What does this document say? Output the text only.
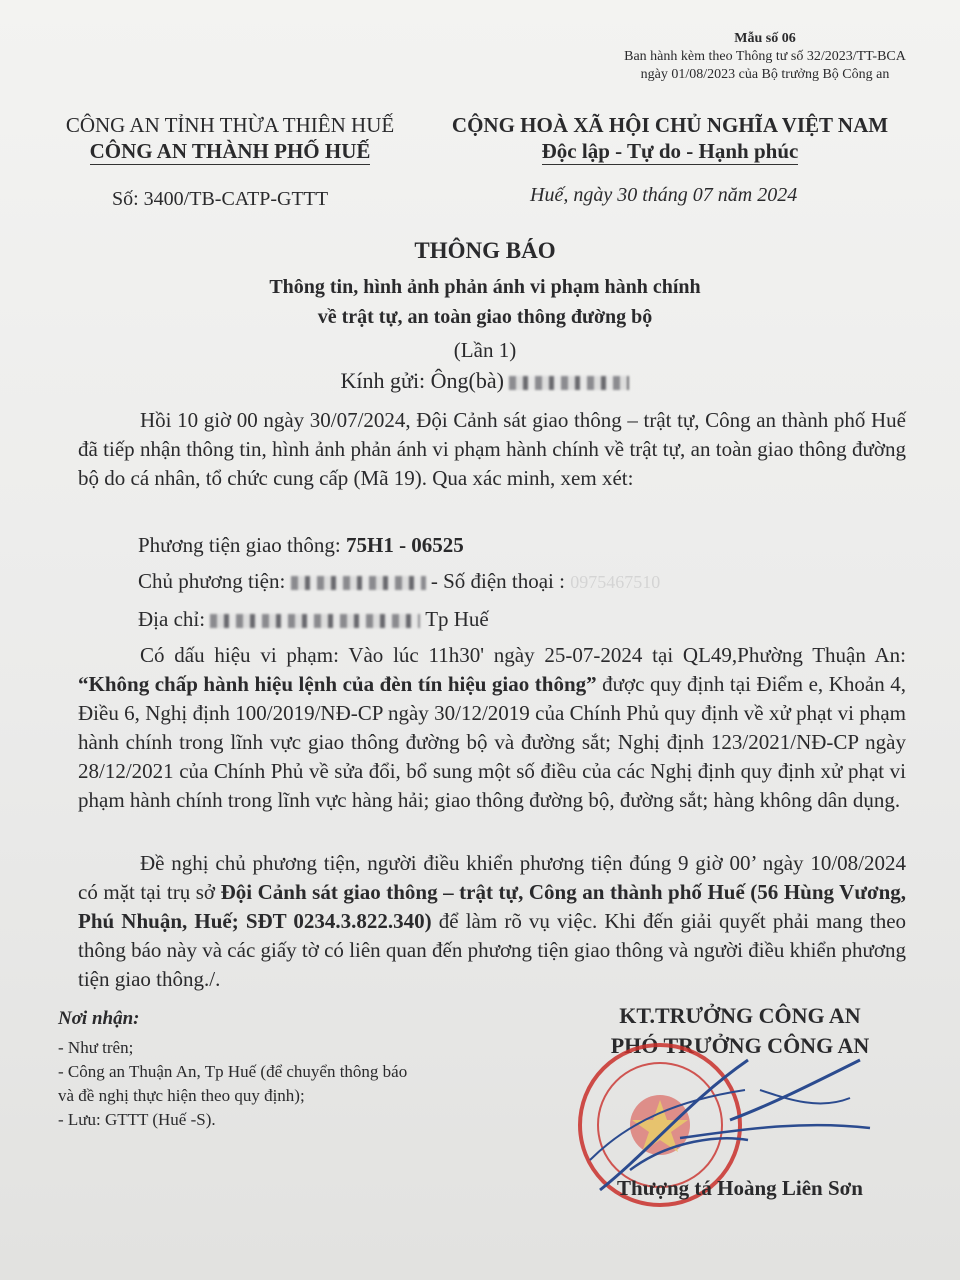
Mẫu số 06
Ban hành kèm theo Thông tư số 32/2023/TT-BCA
ngày 01/08/2023 của Bộ trưởng Bộ Công an
CÔNG AN TỈNH THỪA THIÊN HUẾ
CÔNG AN THÀNH PHỐ HUẾ
CỘNG HOÀ XÃ HỘI CHỦ NGHĨA VIỆT NAM
Độc lập - Tự do - Hạnh phúc
Số: 3400/TB-CATP-GTTT	Huế, ngày 30 tháng 07 năm 2024
THÔNG BÁO
Thông tin, hình ảnh phản ánh vi phạm hành chính
về trật tự, an toàn giao thông đường bộ
(Lần 1)
Kính gửi: Ông(bà)
Hồi 10 giờ 00 ngày 30/07/2024, Đội Cảnh sát giao thông – trật tự, Công an thành phố Huế đã tiếp nhận thông tin, hình ảnh phản ánh vi phạm hành chính về trật tự, an toàn giao thông đường bộ do cá nhân, tổ chức cung cấp (Mã 19). Qua xác minh, xem xét:
Phương tiện giao thông: 75H1 - 06525
Chủ phương tiện:	- Số điện thoại : 0975467510
Địa chỉ:	Tp Huế
Có dấu hiệu vi phạm: Vào lúc 11h30' ngày 25-07-2024 tại QL49,Phường Thuận An: “Không chấp hành hiệu lệnh của đèn tín hiệu giao thông” được quy định tại Điểm e, Khoản 4, Điều 6, Nghị định 100/2019/NĐ-CP ngày 30/12/2019 của Chính Phủ quy định về xử phạt vi phạm hành chính trong lĩnh vực giao thông đường bộ và đường sắt; Nghị định 123/2021/NĐ-CP ngày 28/12/2021 của Chính Phủ về sửa đổi, bổ sung một số điều của các Nghị định quy định xử phạt vi phạm hành chính trong lĩnh vực hàng hải; giao thông đường bộ, đường sắt; hàng không dân dụng.
Đề nghị chủ phương tiện, người điều khiển phương tiện đúng 9 giờ 00’ ngày 10/08/2024 có mặt tại trụ sở Đội Cảnh sát giao thông – trật tự, Công an thành phố Huế (56 Hùng Vương, Phú Nhuận, Huế; SĐT 0234.3.822.340) để làm rõ vụ việc. Khi đến giải quyết phải mang theo thông báo này và các giấy tờ có liên quan đến phương tiện giao thông và người điều khiển phương tiện giao thông./.
Nơi nhận:
- Như trên;
- Công an Thuận An, Tp Huế (để chuyển thông báo
và đề nghị thực hiện theo quy định);
- Lưu: GTTT (Huế -S).
KT.TRƯỞNG CÔNG AN
PHÓ TRƯỞNG CÔNG AN
Thượng tá Hoàng Liên Sơn
